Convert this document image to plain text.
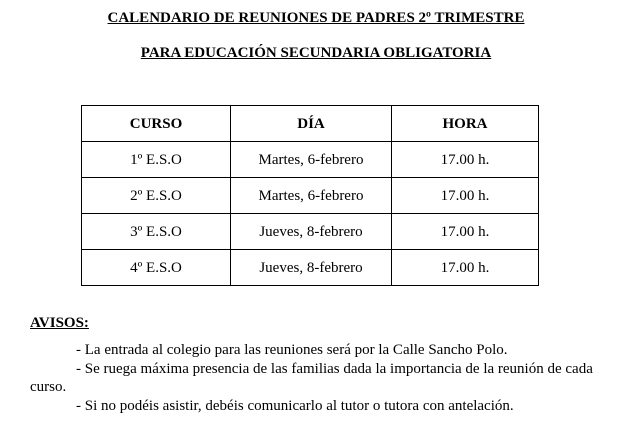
CALENDARIO DE REUNIONES DE PADRES 2º TRIMESTRE
PARA EDUCACIÓN SECUNDARIA OBLIGATORIA
CURSO	DÍA	HORA
1º E.S.O	Martes, 6-febrero	17.00 h.
2º E.S.O	Martes, 6-febrero	17.00 h.
3º E.S.O	Jueves, 8-febrero	17.00 h.
4º E.S.O	Jueves, 8-febrero	17.00 h.
AVISOS:

- La entrada al colegio para las reuniones será por la Calle Sancho Polo.

- Se ruega máxima presencia de las familias dada la importancia de la reunión de cada curso.

- Si no podéis asistir, debéis comunicarlo al tutor o tutora con antelación.
